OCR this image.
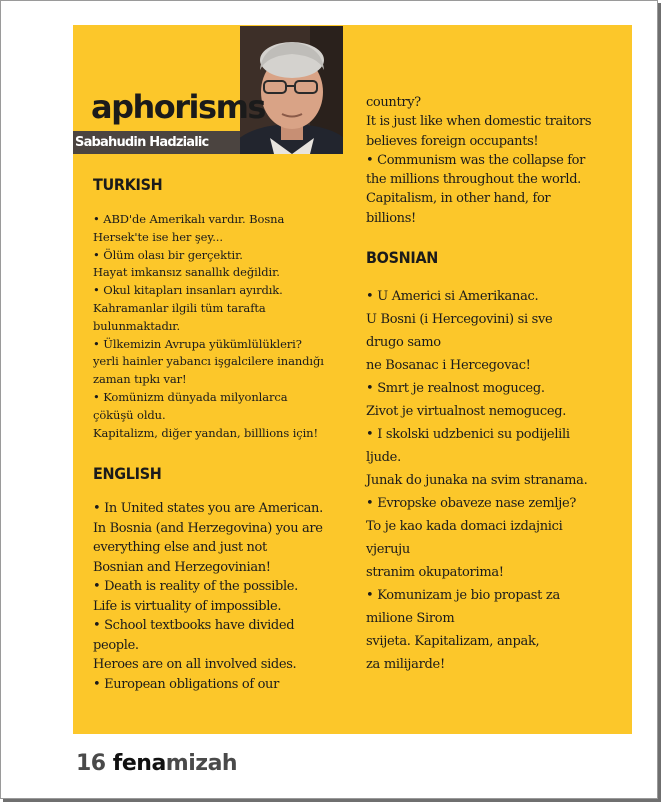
aphorisms
Sabahudin Hadzialic
TURKISH

• ABD'de Amerikalı vardır. Bosna

Hersek'te ise her şey...

• Ölüm olası bir gerçektir.

Hayat imkansız sanallık değildir.

• Okul kitapları insanları ayırdık.

Kahramanlar ilgili tüm tarafta

bulunmaktadır.

• Ülkemizin Avrupa yükümlülükleri?

yerli hainler yabancı işgalcilere inandığı

zaman tıpkı var!

• Komünizm dünyada milyonlarca

çöküşü oldu.

Kapitalizm, diğer yandan, billlions için!

ENGLISH

• In United states you are American.

In Bosnia (and Herzegovina) you are

everything else and just not

Bosnian and Herzegovinian!

• Death is reality of the possible.

Life is virtuality of impossible.

• School textbooks have divided

people.

Heroes are on all involved sides.

• European obligations of our

country?

It is just like when domestic traitors

believes foreign occupants!

• Communism was the collapse for

the millions throughout the world.

Capitalism, in other hand, for

billions!

BOSNIAN

• U Americi si Amerikanac.

U Bosni (i Hercegovini) si sve

drugo samo

ne Bosanac i Hercegovac!

• Smrt je realnost moguceg.

Zivot je virtualnost nemoguceg.

• I skolski udzbenici su podijelili

ljude.

Junak do junaka na svim stranama.

• Evropske obaveze nase zemlje?

To je kao kada domaci izdajnici

vjeruju

stranim okupatorima!

• Komunizam je bio propast za

milione Sirom

svijeta. Kapitalizam, anpak,

za milijarde!

16 fenamizah
